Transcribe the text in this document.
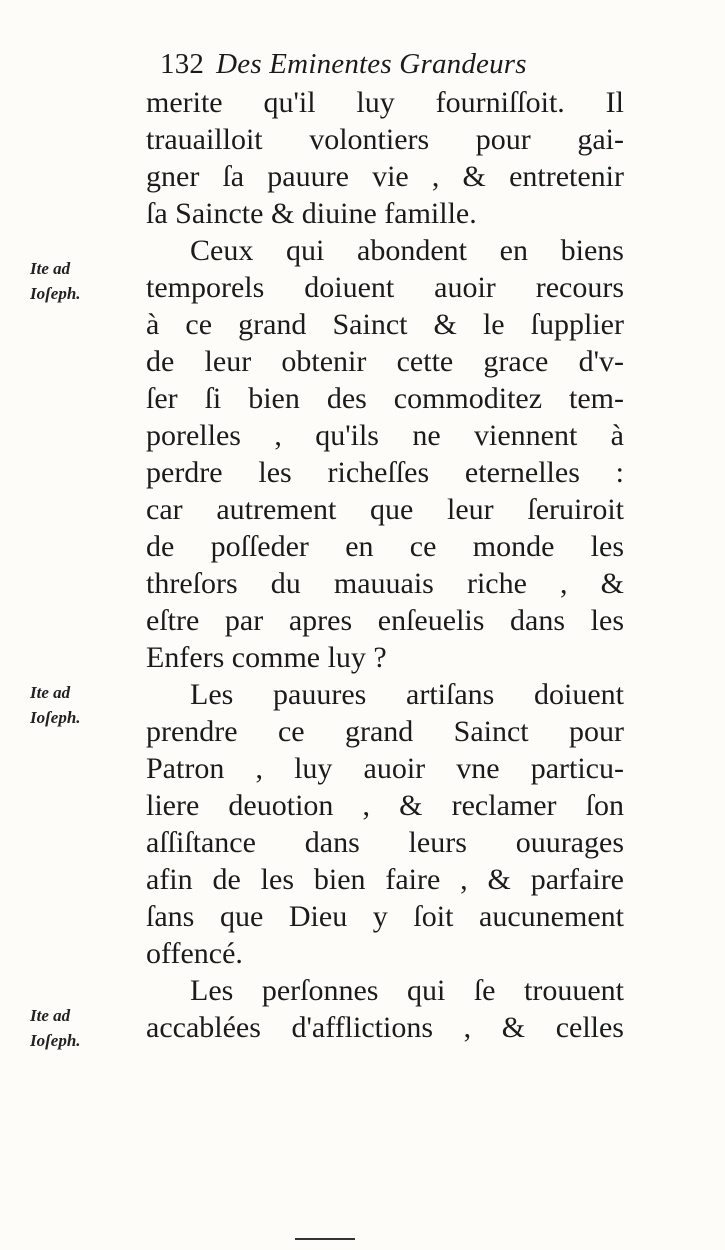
132 Des Eminentes Grandeurs
merite qu'il luy fourniſſoit. Il
trauailloit volontiers pour gai-
gner ſa pauure vie , & entretenir
ſa Saincte & diuine famille.
Ceux qui abondent en biens
temporels doiuent auoir recours
à ce grand Sainct & le ſupplier
de leur obtenir cette grace d'v-
ſer ſi bien des commoditez tem-
porelles , qu'ils ne viennent à
perdre les richeſſes eternelles :
car autrement que leur ſeruiroit
de poſſeder en ce monde les
threſors du mauuais riche , &
eſtre par apres enſeuelis dans les
Enfers comme luy ?
Les pauures artiſans doiuent
prendre ce grand Sainct pour
Patron , luy auoir vne particu-
liere deuotion , & reclamer ſon
aſſiſtance dans leurs ouurages
afin de les bien faire , & parfaire
ſans que Dieu y ſoit aucunement
offencé.
Les perſonnes qui ſe trouuent
accablées d'afflictions , & celles
Ite ad
Ioſeph.
Ite ad
Ioſeph.
Ite ad
Ioſeph.
